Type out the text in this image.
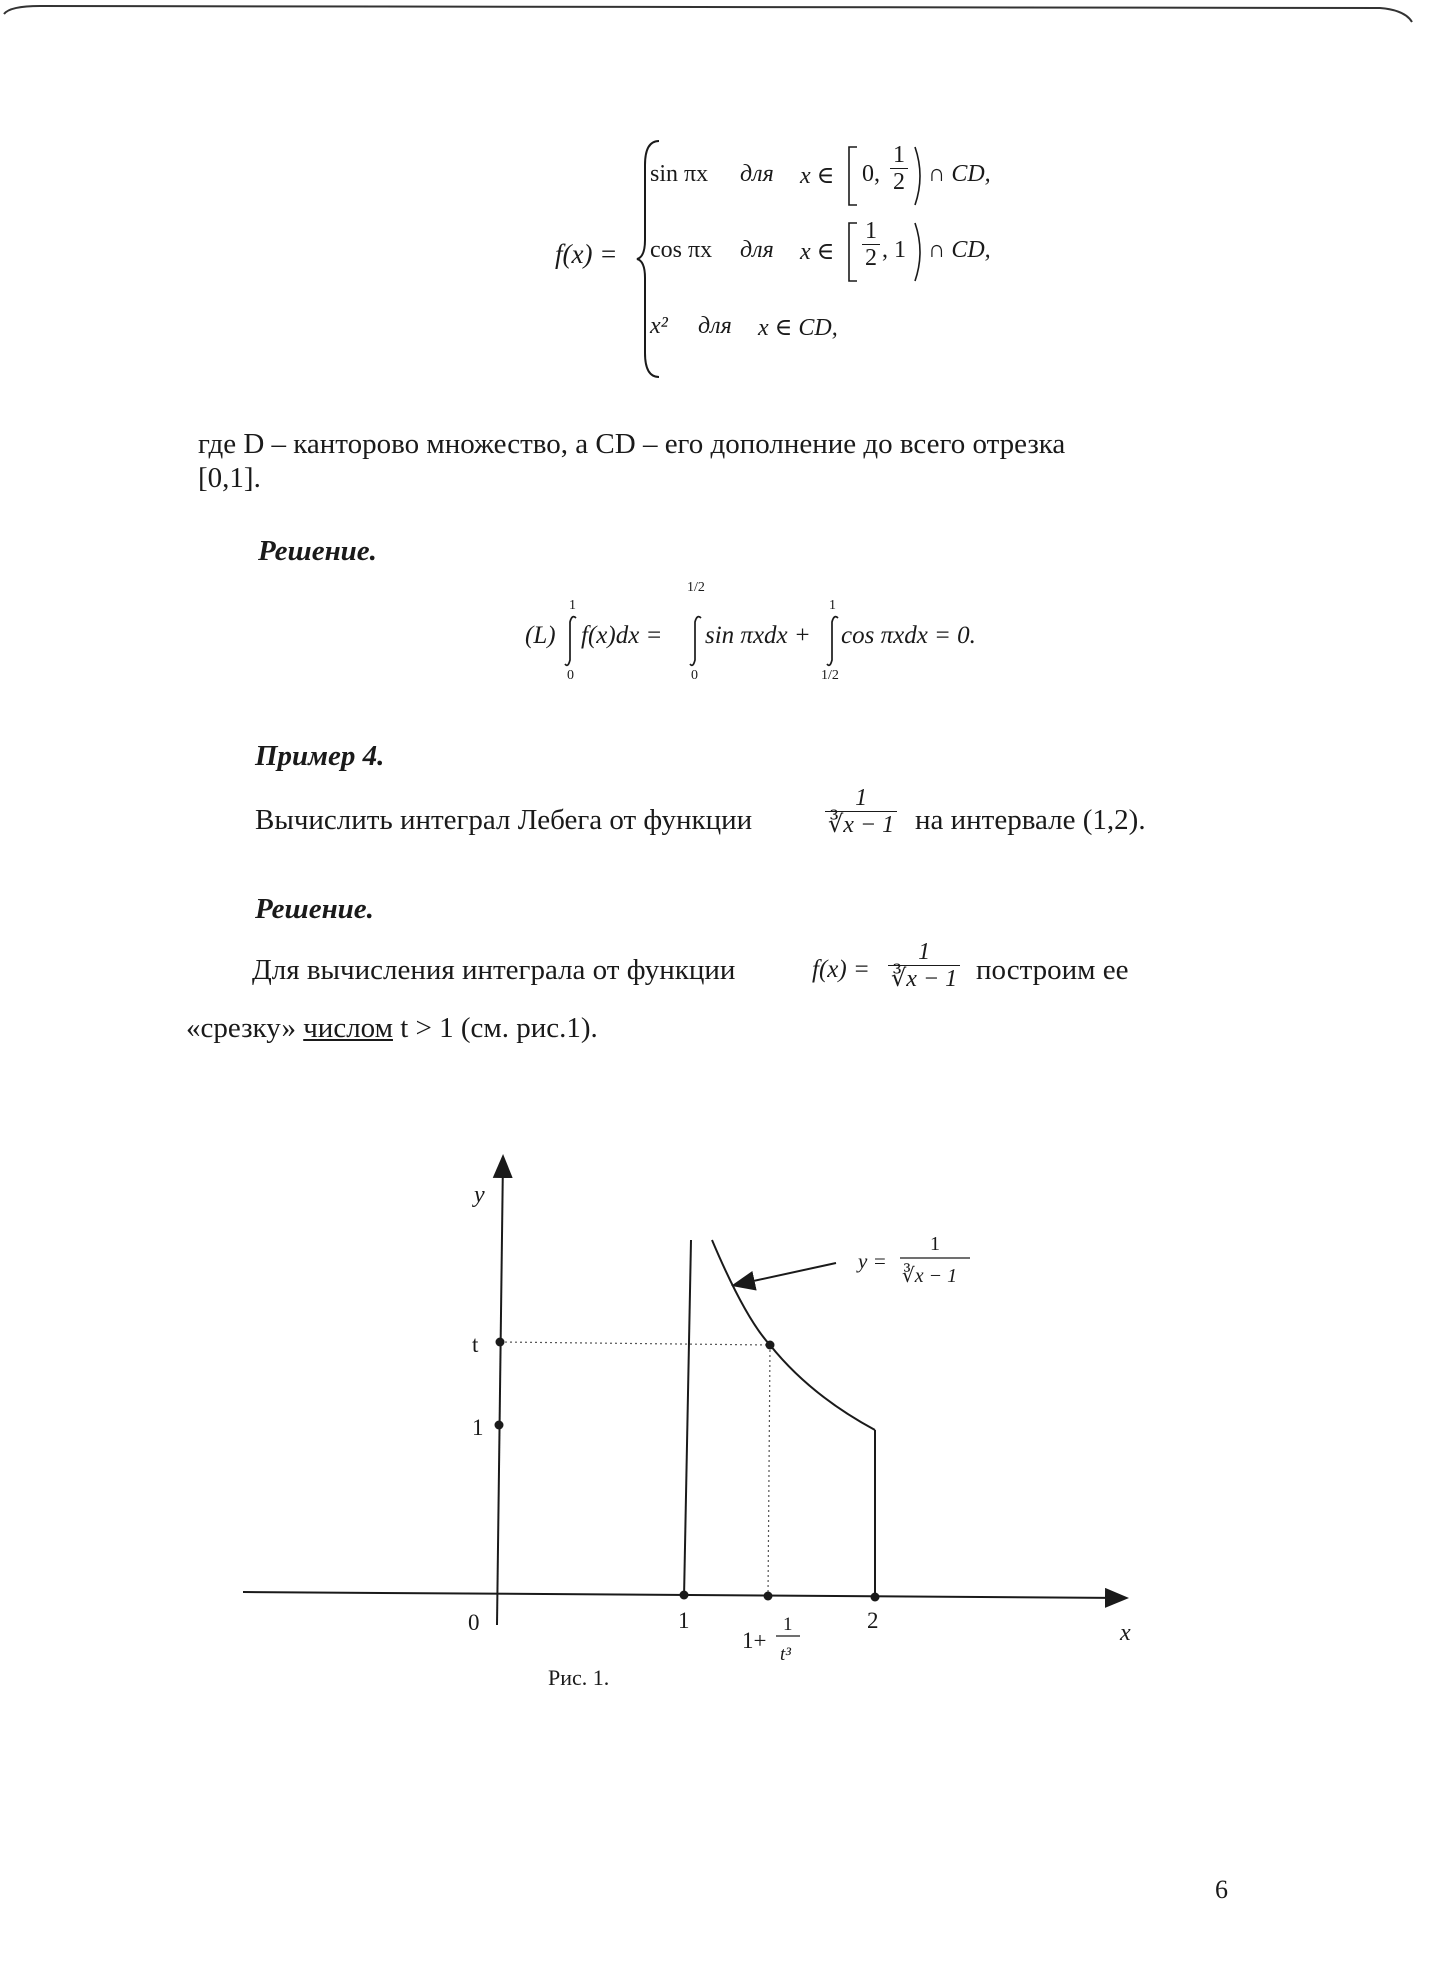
f(x) =
sin πx для x ∈ 0, $\frac{1}{2}$ ∩ CD,
cos πx для x ∈ $\frac{1}{2}$ , 1 ∩ CD,
x² для x ∈ CD,
где D – канторово множество, а CD – его дополнение до всего отрезка
[0,1].
Решение.
(L)
1
0
f(x)dx =
1/2
0
sin πxdx +
1
1/2
cos πxdx = 0.
Пример 4.
Вычислить интеграл Лебега от функции	$\frac{1}{∛x - 1}$ на интервале (1,2).
Решение.
Для вычисления интеграла от функции	$f(x) = \frac{1}{∛x - 1}$ построим ее
«срезку» числом t > 1 (см. рис.1).
y
x
t
1
0	1	2
1+
1
t³
y =
1
∛x − 1
Рис. 1.
6
